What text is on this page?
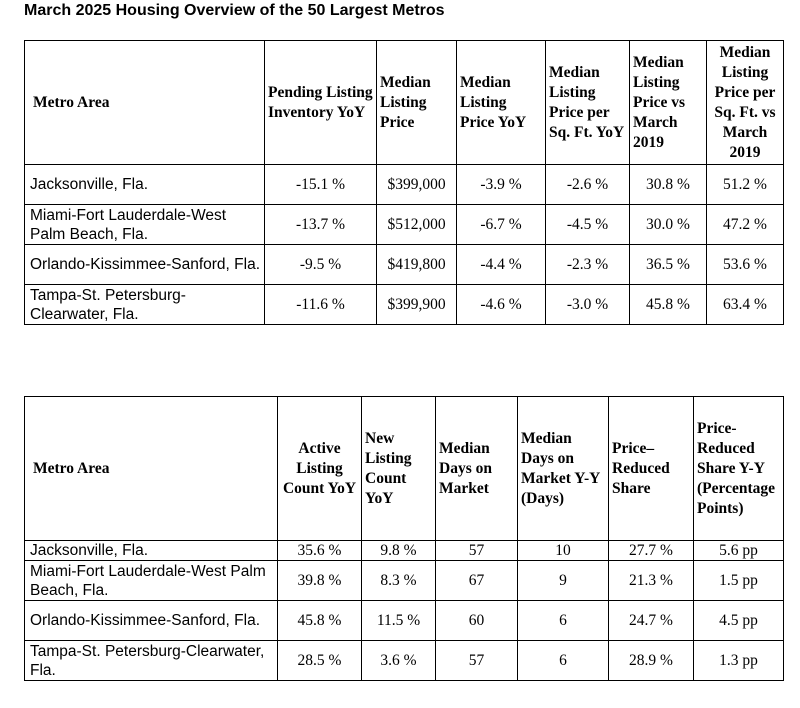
March 2025 Housing Overview of the 50 Largest Metros
Metro Area	Pending Listing Inventory YoY	Median Listing Price	Median Listing Price YoY	Median Listing Price per Sq. Ft. YoY	Median Listing Price vs March 2019	Median Listing Price per Sq. Ft. vs March 2019
Jacksonville, Fla.	-15.1 %	$399,000	-3.9 %	-2.6 %	30.8 %	51.2 %
Miami-Fort Lauderdale-West Palm Beach, Fla.	-13.7 %	$512,000	-6.7 %	-4.5 %	30.0 %	47.2 %
Orlando-Kissimmee-Sanford, Fla.	-9.5 %	$419,800	-4.4 %	-2.3 %	36.5 %	53.6 %
Tampa-St. Petersburg-Clearwater, Fla.	-11.6 %	$399,900	-4.6 %	-3.0 %	45.8 %	63.4 %
Metro Area	Active Listing Count YoY	New Listing Count YoY	Median Days on Market	Median Days on Market Y-Y (Days)	Price–Reduced Share	Price-Reduced Share Y-Y (Percentage Points)
Jacksonville, Fla.	35.6 %	9.8 %	57	10	27.7 %	5.6 pp
Miami-Fort Lauderdale-West Palm Beach, Fla.	39.8 %	8.3 %	67	9	21.3 %	1.5 pp
Orlando-Kissimmee-Sanford, Fla.	45.8 %	11.5 %	60	6	24.7 %	4.5 pp
Tampa-St. Petersburg-Clearwater, Fla.	28.5 %	3.6 %	57	6	28.9 %	1.3 pp
